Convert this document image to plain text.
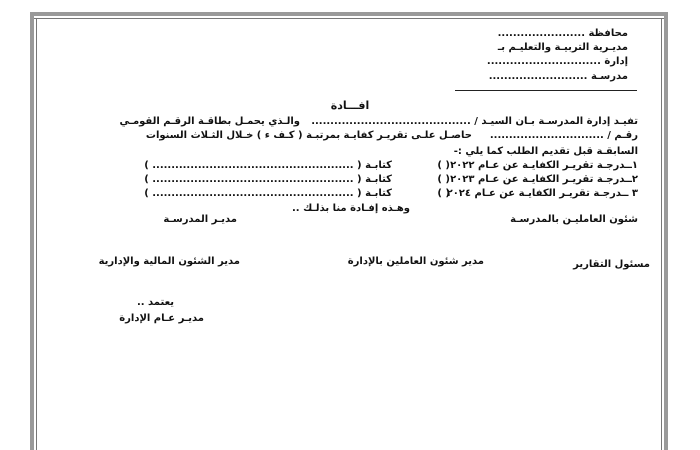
محافظة .......................
مديـرية التربيـة والتعليـم بـ
إدارة ..............................
مدرسـة ..........................
افـــادة
تفيـد إدارة المدرسـة بـان السيـد / ..........................................
والـذي يحمـل بطاقـة الرقـم القومـي
رقـم / ..............................
حاصـل علـى تقريـر كفايـة بمرتبـة ( كـف ء ) خـلال الثـلاث السنوات
السابقـة قبل تقديم الطلب كما يلي :-
١ــدرجـة تقريـر الكفايـة عن عـام ٢٠٢٢
( )
كتابـة ( ..................................................... )
٢ــدرجـة تقريـر الكفايـة عن عـام ٢٠٢٣
( )
كتابـة ( ..................................................... )
٣ ــدرجـة تقريـر الكفايـة عن عـام ٢٠٢٤
( )
كتابـة ( ..................................................... )
وهـذه إفـادة منا بذلـك ..
شئون العامليـن بالمدرسـة
مديـر المدرسـة
مسئول التقارير
مدير شئون العاملين بالإدارة
مدير الشئون المالية والإدارية
يعتمد ..
مديـر عـام الإدارة
